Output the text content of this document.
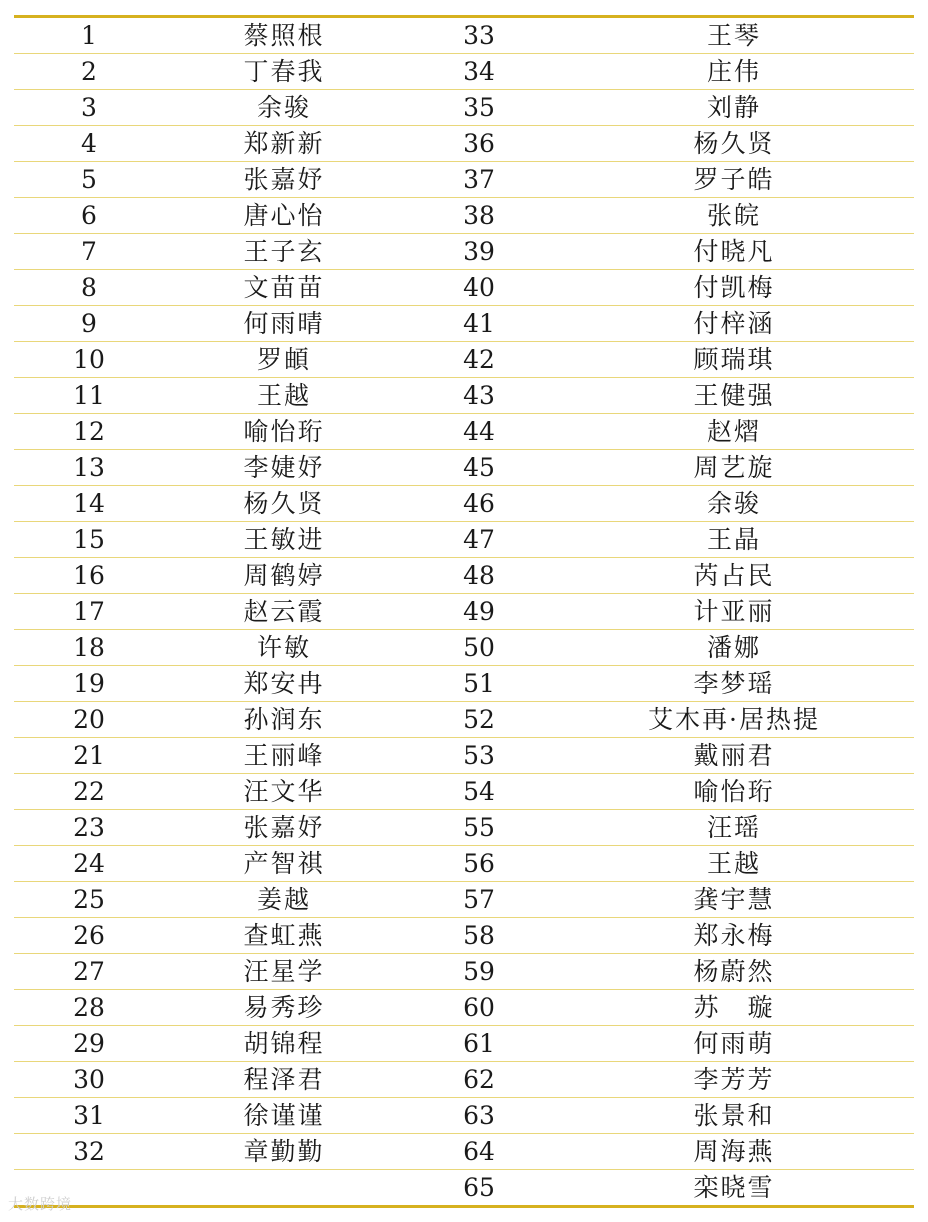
1	蔡照根	33	王琴
2	丁春我	34	庄伟
3	余骏	35	刘静
4	郑新新	36	杨久贤
5	张嘉妤	37	罗子皓
6	唐心怡	38	张皖
7	王子玄	39	付晓凡
8	文苗苗	40	付凯梅
9	何雨晴	41	付梓涵
10	罗頔	42	顾瑞琪
11	王越	43	王健强
12	喻怡珩	44	赵熠
13	李婕妤	45	周艺旋
14	杨久贤	46	余骏
15	王敏进	47	王晶
16	周鹤婷	48	芮占民
17	赵云霞	49	计亚丽
18	许敏	50	潘娜
19	郑安冉	51	李梦瑶
20	孙润东	52	艾木再·居热提
21	王丽峰	53	戴丽君
22	汪文华	54	喻怡珩
23	张嘉妤	55	汪瑶
24	产智祺	56	王越
25	姜越	57	龚宇慧
26	查虹燕	58	郑永梅
27	汪星学	59	杨蔚然
28	易秀珍	60	苏　璇
29	胡锦程	61	何雨萌
30	程泽君	62	李芳芳
31	徐谨谨	63	张景和
32	章勤勤	64	周海燕
		65	栾晓雪
大数跨境
